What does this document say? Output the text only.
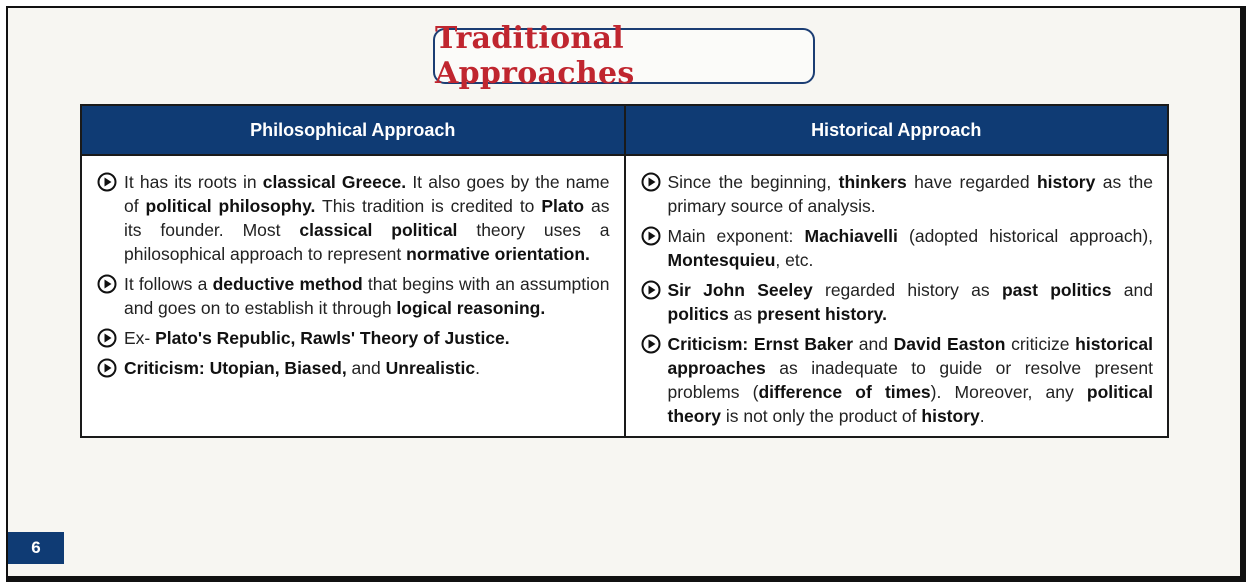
Traditional Approaches
Philosophical Approach
It has its roots in classical Greece. It also goes by the name of political philosophy. This tradition is credited to Plato as its founder. Most classical political theory uses a philosophical approach to represent normative orientation.
It follows a deductive method that begins with an assumption and goes on to establish it through logical reasoning.
Ex- Plato's Republic, Rawls' Theory of Justice.
Criticism: Utopian, Biased, and Unrealistic.
Historical Approach
Since the beginning, thinkers have regarded history as the primary source of analysis.
Main exponent: Machiavelli (adopted historical approach), Montesquieu, etc.
Sir John Seeley regarded history as past politics and politics as present history.
Criticism: Ernst Baker and David Easton criticize historical approaches as inadequate to guide or resolve present problems (difference of times). Moreover, any political theory is not only the product of history.
6
